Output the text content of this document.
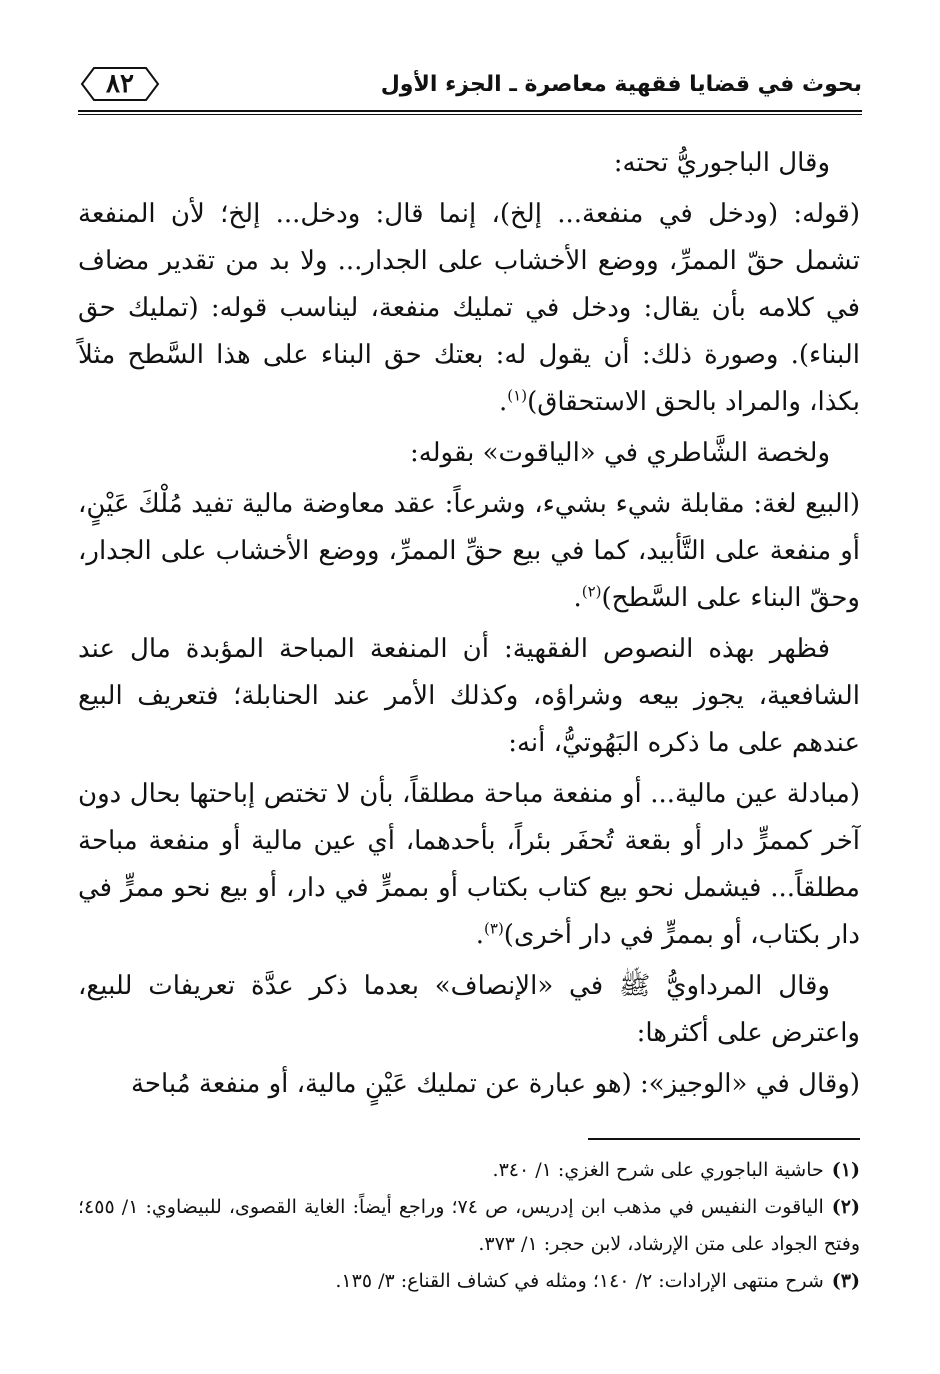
بحوث في قضايا فقهية معاصرة ـ الجزء الأول
٨٢

وقال الباجوريُّ تحته:

(قوله: (ودخل في منفعة... إلخ)، إنما قال: ودخل... إلخ؛ لأن المنفعة تشمل حقّ الممرِّ، ووضع الأخشاب على الجدار... ولا بد من تقدير مضاف في كلامه بأن يقال: ودخل في تمليك منفعة، ليناسب قوله: (تمليك حق البناء). وصورة ذلك: أن يقول له: بعتك حق البناء على هذا السَّطح مثلاً بكذا، والمراد بالحق الاستحقاق)$^{(١)}$.

ولخصة الشَّاطري في «الياقوت» بقوله:

(البيع لغة: مقابلة شيء بشيء، وشرعاً: عقد معاوضة مالية تفيد مُلْكَ عَيْنٍ، أو منفعة على التَّأبيد، كما في بيع حقِّ الممرِّ، ووضع الأخشاب على الجدار، وحقّ البناء على السَّطح)$^{(٢)}$.

فظهر بهذه النصوص الفقهية: أن المنفعة المباحة المؤبدة مال عند الشافعية، يجوز بيعه وشراؤه، وكذلك الأمر عند الحنابلة؛ فتعريف البيع عندهم على ما ذكره البَهُوتيُّ، أنه:

(مبادلة عين مالية... أو منفعة مباحة مطلقاً، بأن لا تختص إباحتها بحال دون آخر كممرٍّ دار أو بقعة تُحفَر بئراً، بأحدهما، أي عين مالية أو منفعة مباحة مطلقاً... فيشمل نحو بيع كتاب بكتاب أو بممرٍّ في دار، أو بيع نحو ممرٍّ في دار بكتاب، أو بممرٍّ في دار أخرى)$^{(٣)}$.

وقال المرداويُّ ﷺ في «الإنصاف» بعدما ذكر عدَّة تعريفات للبيع، واعترض على أكثرها:

(وقال في «الوجيز»: (هو عبارة عن تمليك عَيْنٍ مالية، أو منفعة مُباحة

(١)حاشية الباجوري على شرح الغزي: ١/ ٣٤٠.

(٢)الياقوت النفيس في مذهب ابن إدريس، ص ٧٤؛ وراجع أيضاً: الغاية القصوى، للبيضاوي: ١/ ٤٥٥؛ وفتح الجواد على متن الإرشاد، لابن حجر: ١/ ٣٧٣.

(٣)شرح منتهى الإرادات: ٢/ ١٤٠؛ ومثله في كشاف القناع: ٣/ ١٣٥.
